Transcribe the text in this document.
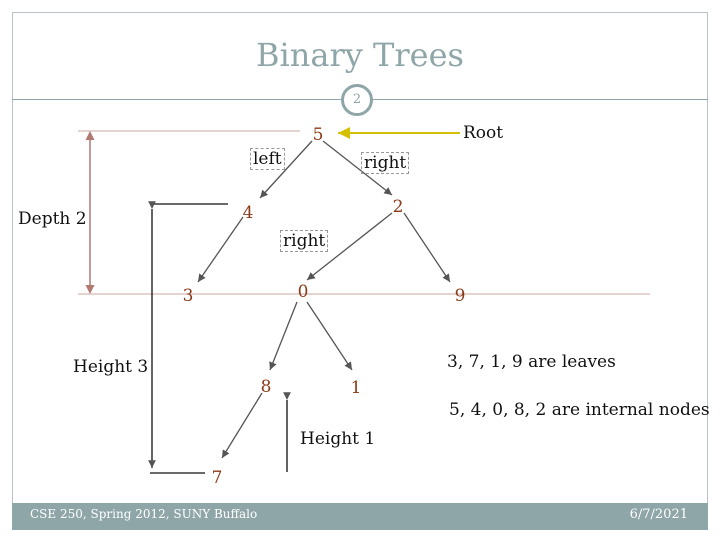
Binary Trees
2
5
4	2
3	0	9
8	1
7
left	right
right
Root
Depth 2
Height 3
Height 1
3, 7, 1, 9 are leaves
5, 4, 0, 8, 2 are internal nodes
CSE 250, Spring 2012, SUNY Buffalo	6/7/2021
